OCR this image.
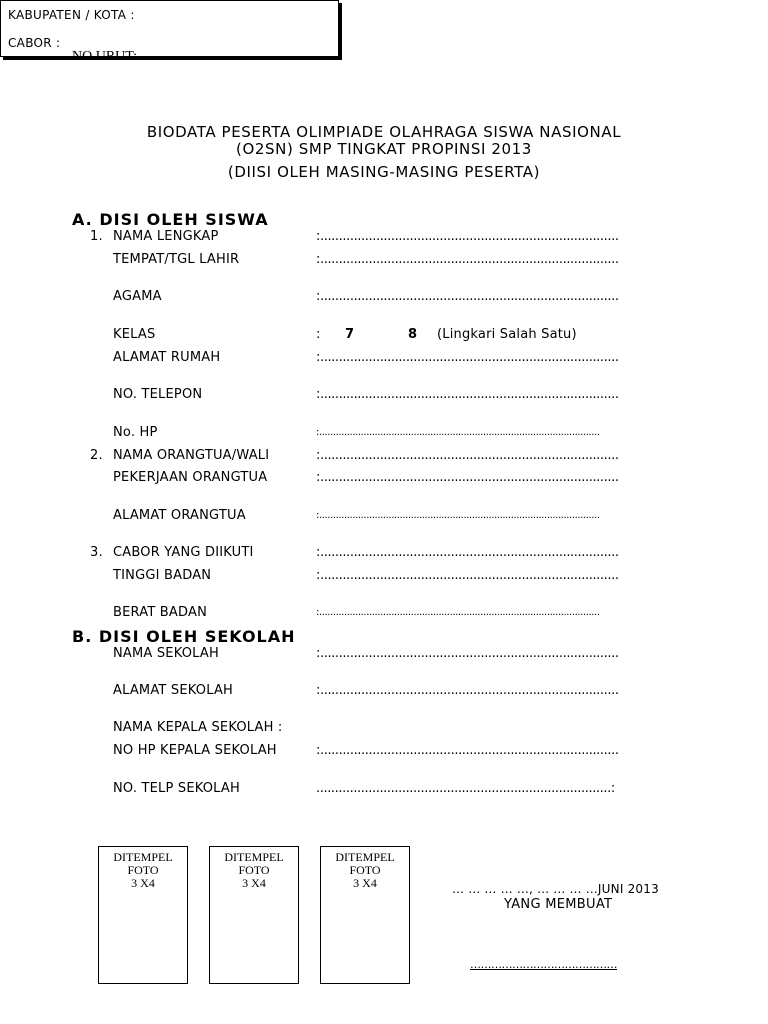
NO URUT:
KABUPATEN / KOTA :
CABOR :
BIODATA PESERTA OLIMPIADE OLAHRAGA SISWA NASIONAL
(O2SN) SMP TINGKAT PROPINSI 2013
(DIISI OLEH MASING-MASING PESERTA)
A. DISI OLEH SISWA
1. NAMA LENGKAP	:................................................................................
TEMPAT/TGL LAHIR	:................................................................................
AGAMA	:................................................................................
KELAS	: 7	8 (Lingkari Salah Satu)
ALAMAT RUMAH	:................................................................................
NO. TELEPON	:................................................................................
No. HP	:.....................................................................................................
2. NAMA ORANGTUA/WALI	:................................................................................
PEKERJAAN ORANGTUA	:................................................................................
ALAMAT ORANGTUA	:.....................................................................................................
3. CABOR YANG DIIKUTI	:................................................................................
TINGGI BADAN	:................................................................................
BERAT BADAN	:.....................................................................................................
B. DISI OLEH SEKOLAH
NAMA SEKOLAH	:................................................................................
ALAMAT SEKOLAH	:................................................................................
NAMA KEPALA SEKOLAH :
NO HP KEPALA SEKOLAH	:................................................................................
NO. TELP SEKOLAH	...............................................................................:
DITEMPEL
FOTO
3 X4
DITEMPEL
FOTO
3 X4
DITEMPEL
FOTO
3 X4	… … … … …, … … … …JUNI 2013
YANG MEMBUAT
……………………………………
